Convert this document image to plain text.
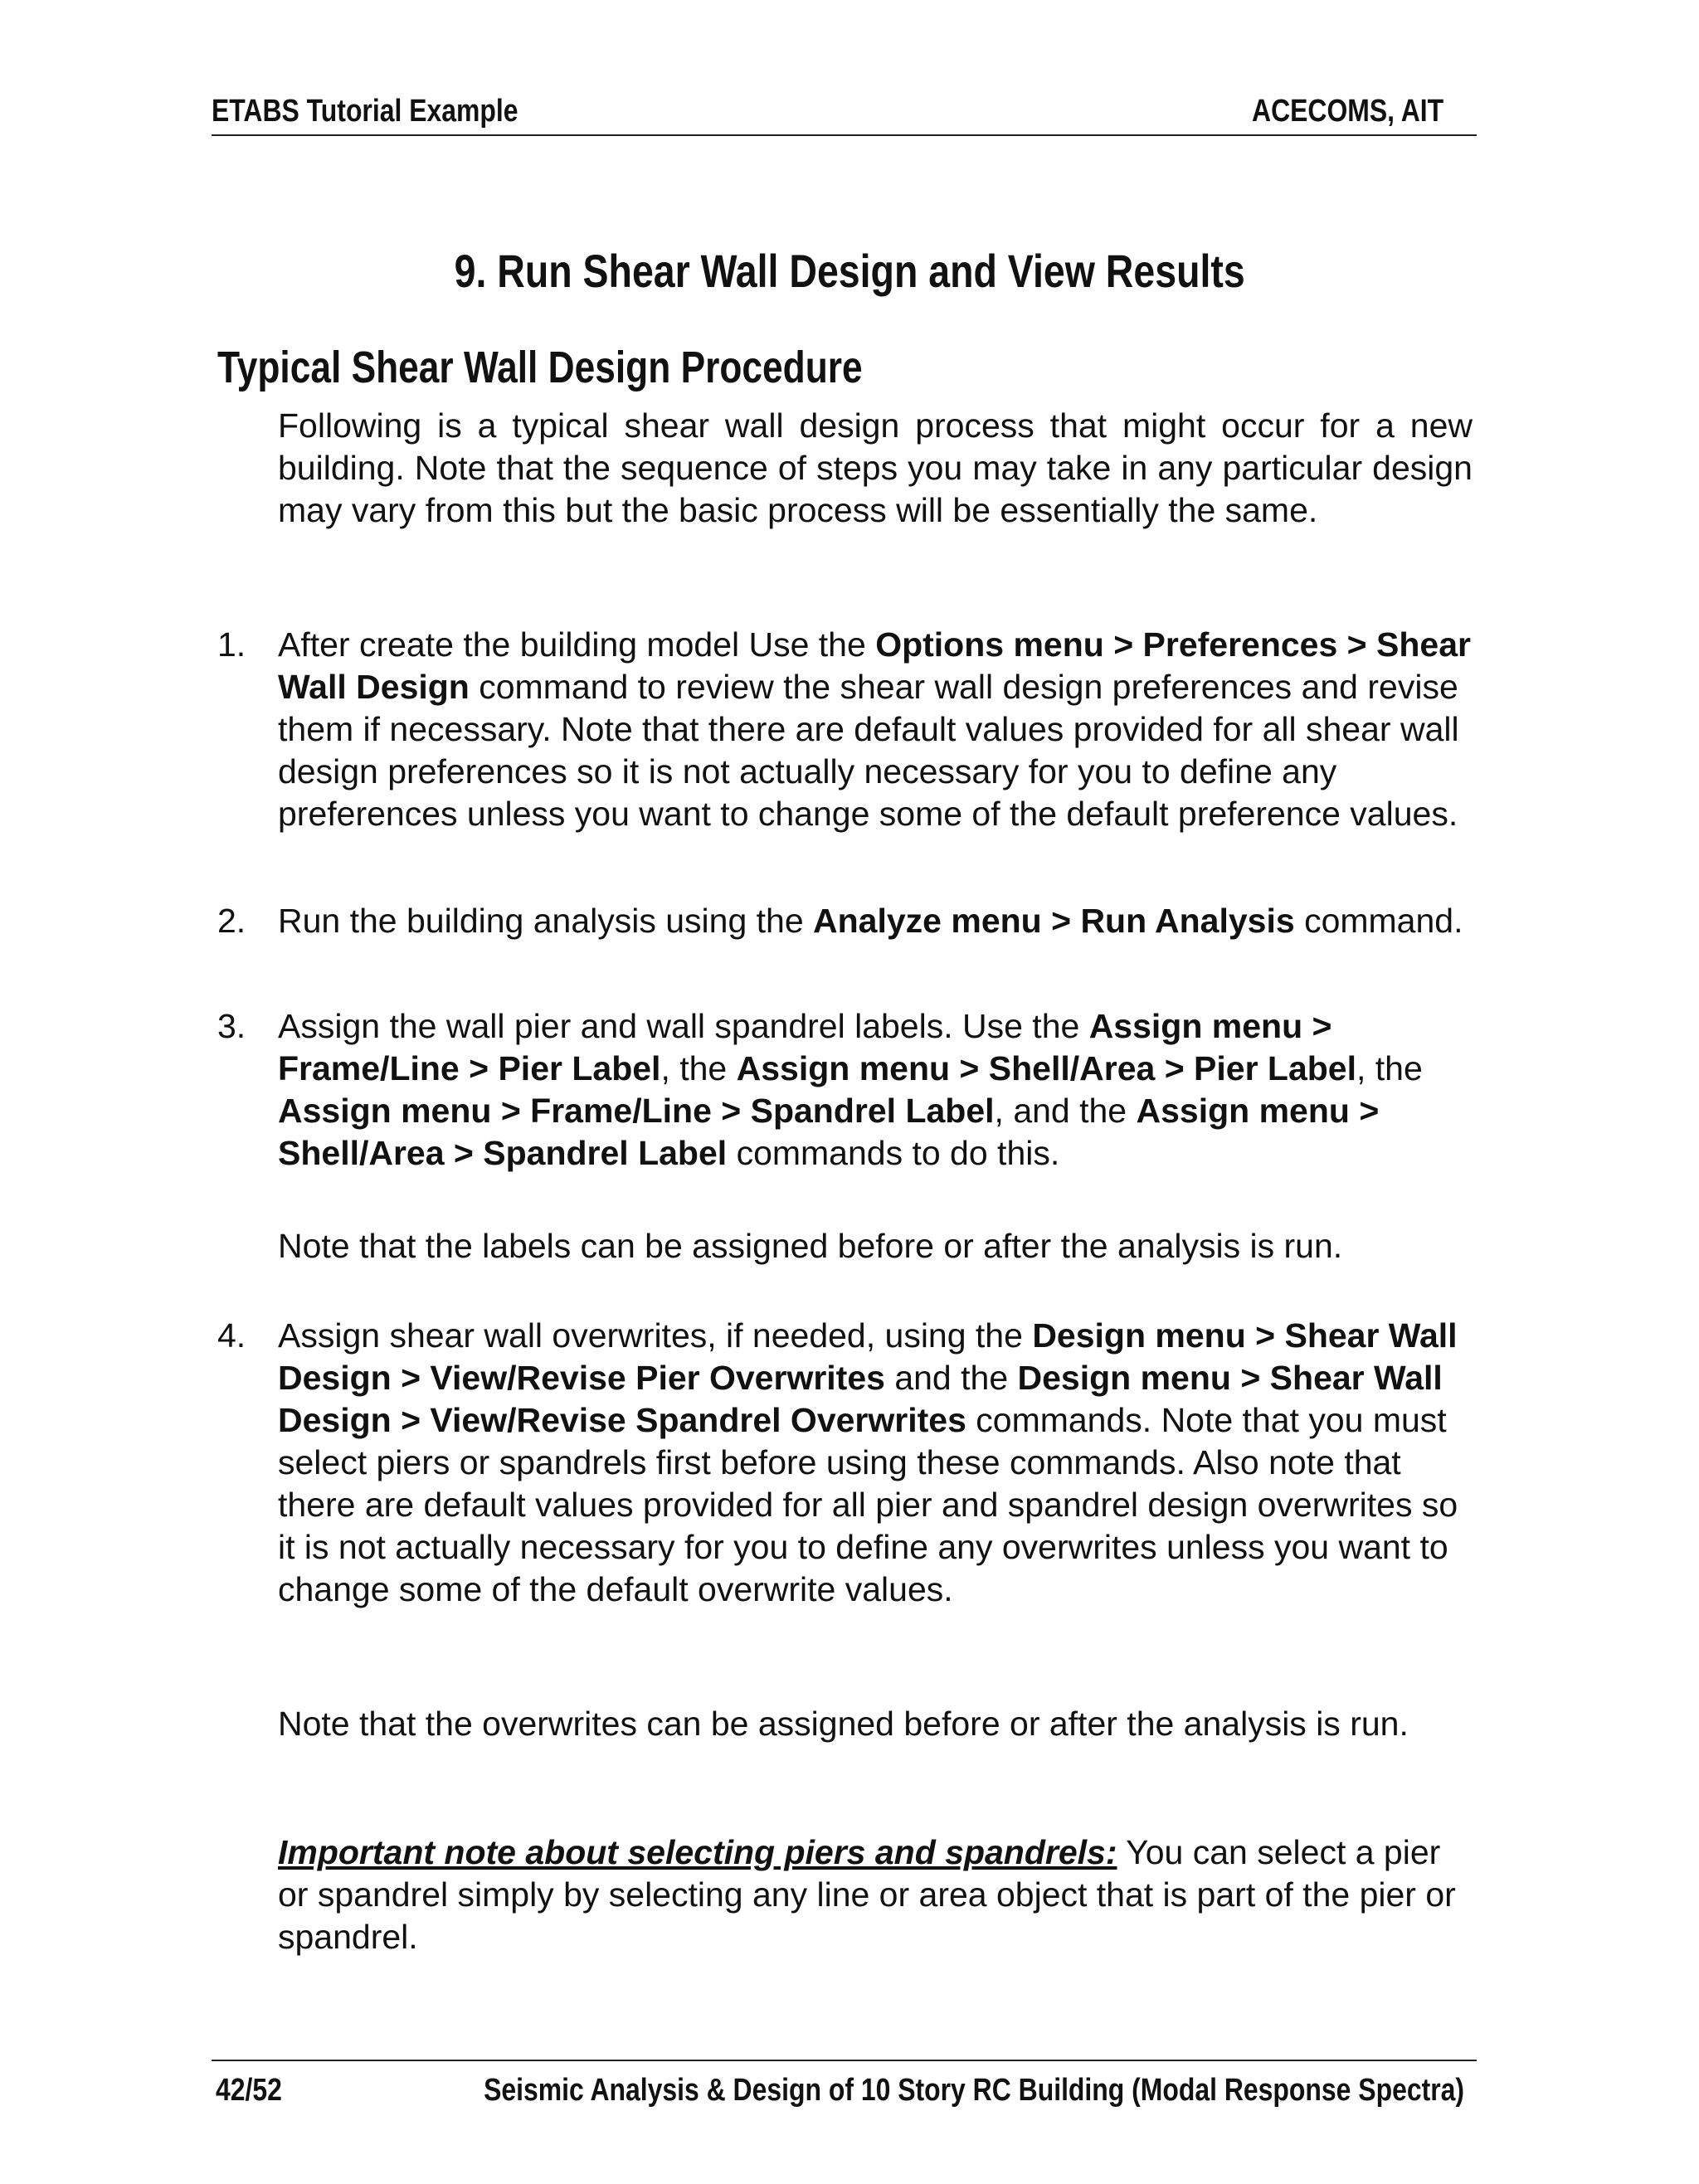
ETABS Tutorial Example	ACECOMS, AIT
9. Run Shear Wall Design and View Results
Typical Shear Wall Design Procedure

Following is a typical shear wall design process that might occur for a new building. Note that the sequence of steps you may take in any particular design may vary from this but the basic process will be essentially the same.

1. After create the building model Use the Options menu > Preferences > Shear Wall Design command to review the shear wall design preferences and revise them if necessary. Note that there are default values provided for all shear wall design preferences so it is not actually necessary for you to define any preferences unless you want to change some of the default preference values.

2. Run the building analysis using the Analyze menu > Run Analysis command.

3. Assign the wall pier and wall spandrel labels. Use the Assign menu > Frame/Line > Pier Label, the Assign menu > Shell/Area > Pier Label, the Assign menu > Frame/Line > Spandrel Label, and the Assign menu > Shell/Area > Spandrel Label commands to do this.

Note that the labels can be assigned before or after the analysis is run.

4. Assign shear wall overwrites, if needed, using the Design menu > Shear Wall Design > View/Revise Pier Overwrites and the Design menu > Shear Wall Design > View/Revise Spandrel Overwrites commands. Note that you must select piers or spandrels first before using these commands. Also note that there are default values provided for all pier and spandrel design overwrites so it is not actually necessary for you to define any overwrites unless you want to change some of the default overwrite values.

Note that the overwrites can be assigned before or after the analysis is run.

Important note about selecting piers and spandrels: You can select a pier or spandrel simply by selecting any line or area object that is part of the pier or spandrel.

42/52	Seismic Analysis & Design of 10 Story RC Building (Modal Response Spectra)
